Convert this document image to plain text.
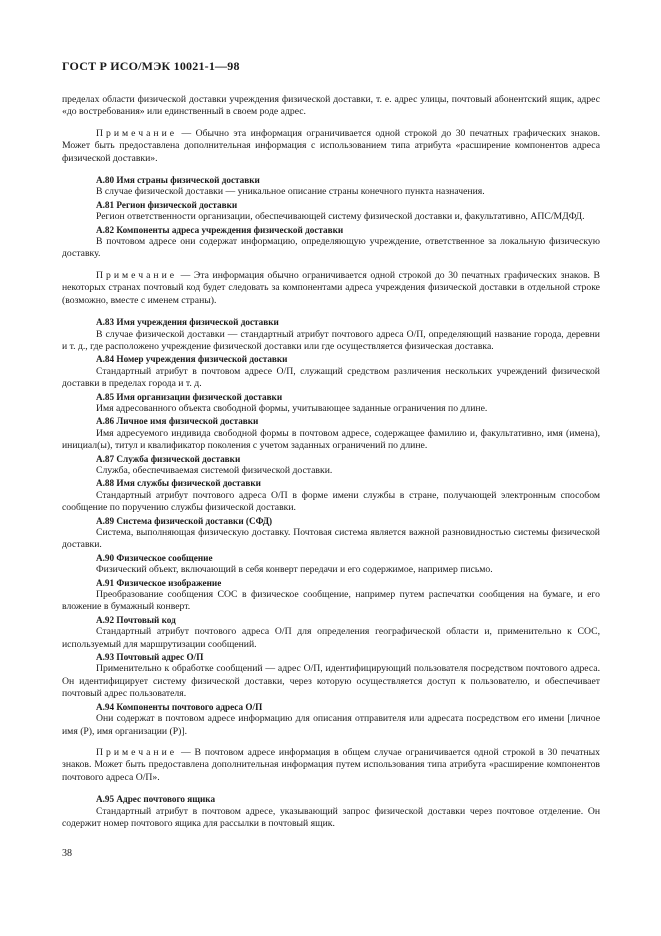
ГОСТ Р ИСО/МЭК 10021-1—98

пределах области физической доставки учреждения физической доставки, т. е. адрес улицы, почтовый абонентский ящик, адрес «до востребования» или единственный в своем роде адрес.

Примечание — Обычно эта информация ограничивается одной строкой до 30 печатных графических знаков. Может быть предоставлена дополнительная информация с использованием типа атрибута «расширение компонентов адреса физической доставки».

А.80 Имя страны физической доставки

В случае физической доставки — уникальное описание страны конечного пункта назначения.

А.81 Регион физической доставки

Регион ответственности организации, обеспечивающей систему физической доставки и, факультативно, АПС/МДФД.

А.82 Компоненты адреса учреждения физической доставки

В почтовом адресе они содержат информацию, определяющую учреждение, ответственное за локальную физическую доставку.

Примечание — Эта информация обычно ограничивается одной строкой до 30 печатных графических знаков. В некоторых странах почтовый код будет следовать за компонентами адреса учреждения физической доставки в отдельной строке (возможно, вместе с именем страны).

А.83 Имя учреждения физической доставки

В случае физической доставки — стандартный атрибут почтового адреса О/П, определяющий название города, деревни и т. д., где расположено учреждение физической доставки или где осуществляется физическая доставка.

А.84 Номер учреждения физической доставки

Стандартный атрибут в почтовом адресе О/П, служащий средством различения нескольких учреждений физической доставки в пределах города и т. д.

А.85 Имя организации физической доставки

Имя адресованного объекта свободной формы, учитывающее заданные ограничения по длине.

А.86 Личное имя физической доставки

Имя адресуемого индивида свободной формы в почтовом адресе, содержащее фамилию и, факультативно, имя (имена), инициал(ы), титул и квалификатор поколения с учетом заданных ограничений по длине.

А.87 Служба физической доставки

Служба, обеспечиваемая системой физической доставки.

А.88 Имя службы физической доставки

Стандартный атрибут почтового адреса О/П в форме имени службы в стране, получающей электронным способом сообщение по поручению службы физической доставки.

А.89 Система физической доставки (СФД)

Система, выполняющая физическую доставку. Почтовая система является важной разновидностью системы физической доставки.

А.90 Физическое сообщение

Физический объект, включающий в себя конверт передачи и его содержимое, например письмо.

А.91 Физическое изображение

Преобразование сообщения СОС в физическое сообщение, например путем распечатки сообщения на бумаге, и его вложение в бумажный конверт.

А.92 Почтовый код

Стандартный атрибут почтового адреса О/П для определения географической области и, применительно к СОС, используемый для маршрутизации сообщений.

А.93 Почтовый адрес О/П

Применительно к обработке сообщений — адрес О/П, идентифицирующий пользователя посредством почтового адреса. Он идентифицирует систему физической доставки, через которую осуществляется доступ к пользователю, и обеспечивает почтовый адрес пользователя.

А.94 Компоненты почтового адреса О/П

Они содержат в почтовом адресе информацию для описания отправителя или адресата посредством его имени [личное имя (P), имя организации (P)].

Примечание — В почтовом адресе информация в общем случае ограничивается одной строкой в 30 печатных знаков. Может быть предоставлена дополнительная информация путем использования типа атрибута «расширение компонентов почтового адреса О/П».

А.95 Адрес почтового ящика

Стандартный атрибут в почтовом адресе, указывающий запрос физической доставки через почтовое отделение. Он содержит номер почтового ящика для рассылки в почтовый ящик.

38
